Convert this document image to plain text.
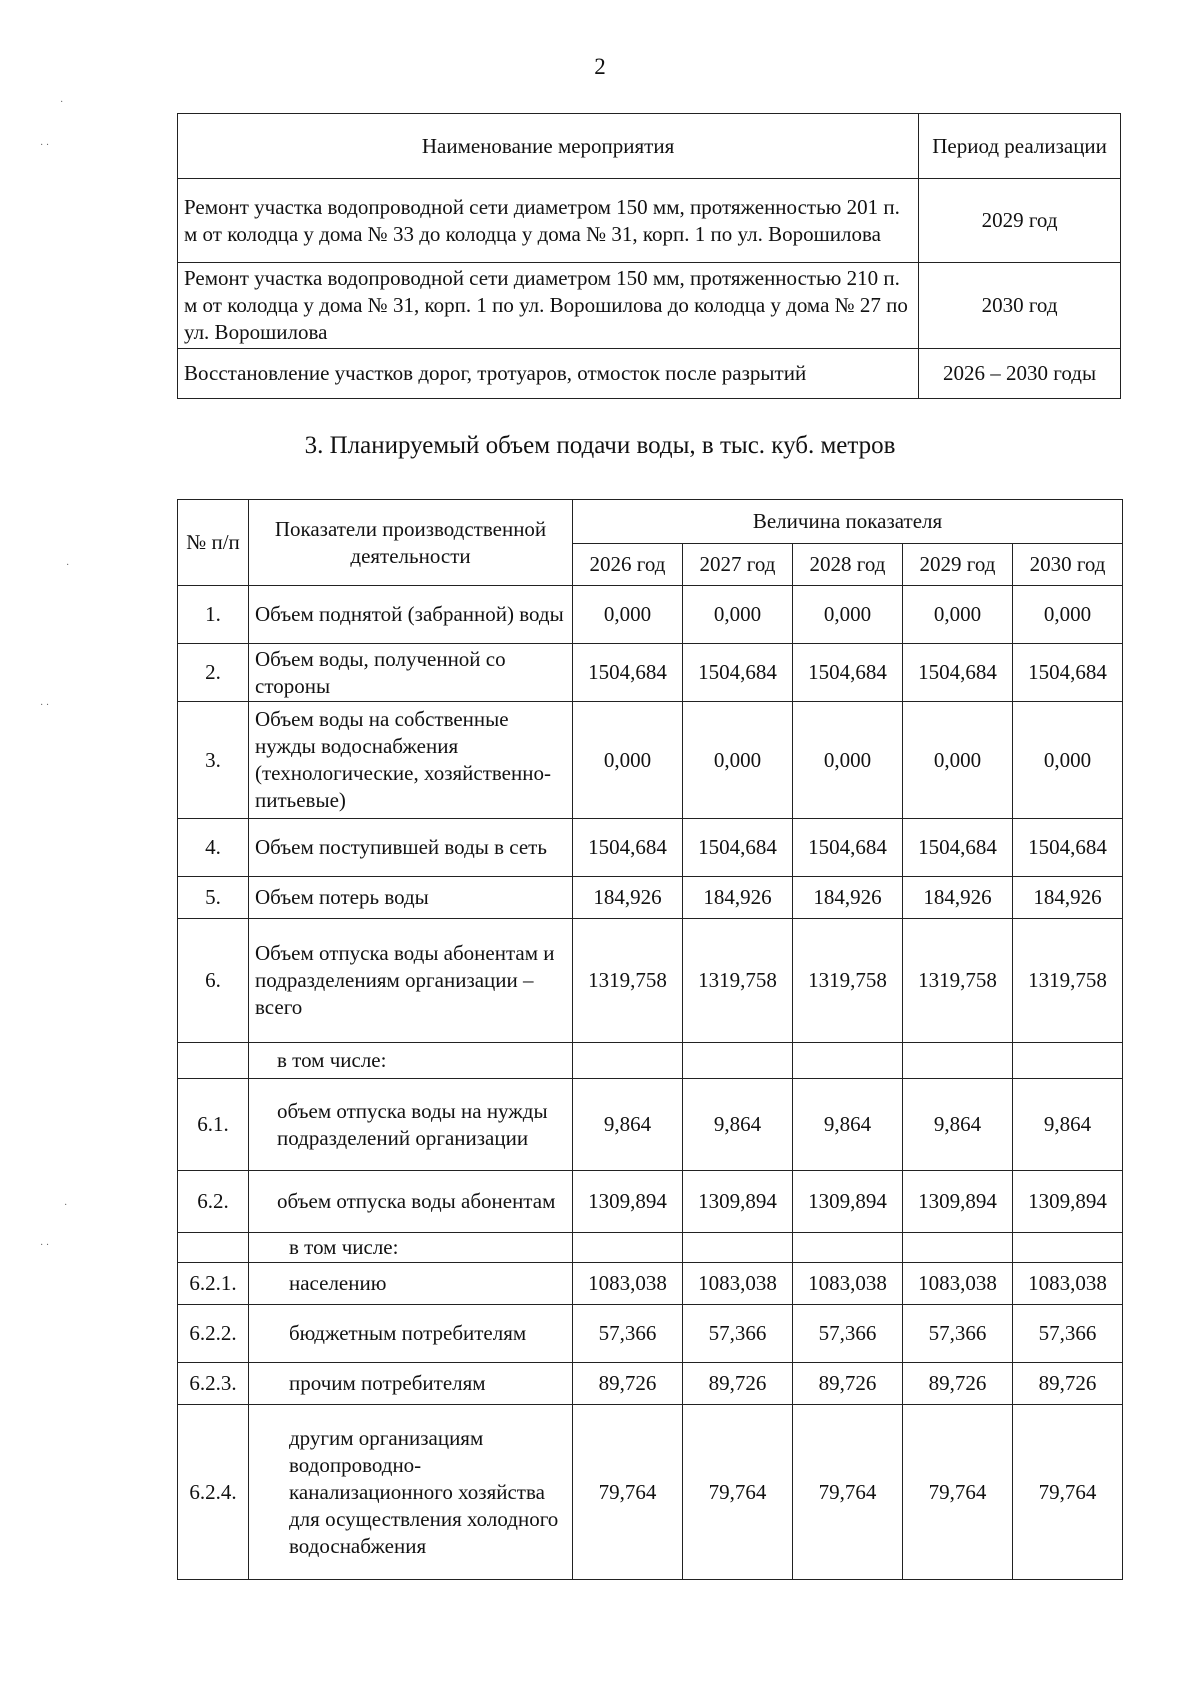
2
Наименование мероприятия	Период реализации
Ремонт участка водопроводной сети диаметром 150 мм, протяженностью 201 п. м от колодца у дома № 33 до колодца у дома № 31, корп. 1 по ул. Ворошилова	2029 год
Ремонт участка водопроводной сети диаметром 150 мм, протяженностью 210 п. м от колодца у дома № 31, корп. 1 по ул. Ворошилова до колодца у дома № 27 по ул. Ворошилова	2030 год
Восстановление участков дорог, тротуаров, отмосток после разрытий	2026 – 2030 годы
3. Планируемый объем подачи воды, в тыс. куб. метров
№ п/п	Показатели производственной деятельности	Величина показателя				
		2026 год	2027 год	2028 год	2029 год	2030 год
1.	Объем поднятой (забранной) воды	0,000	0,000	0,000	0,000	0,000
2.	Объем воды, полученной со стороны	1504,684	1504,684	1504,684	1504,684	1504,684
3.	Объем воды на собственные нужды водоснабжения (технологические, хозяйственно-питьевые)	0,000	0,000	0,000	0,000	0,000
4.	Объем поступившей воды в сеть	1504,684	1504,684	1504,684	1504,684	1504,684
5.	Объем потерь воды	184,926	184,926	184,926	184,926	184,926
6.	Объем отпуска воды абонентам и подразделениям организации – всего	1319,758	1319,758	1319,758	1319,758	1319,758
	в том числе:					
6.1.	объем отпуска воды на нужды подразделений организации	9,864	9,864	9,864	9,864	9,864
6.2.	объем отпуска воды абонентам	1309,894	1309,894	1309,894	1309,894	1309,894
	в том числе:					
6.2.1.	населению	1083,038	1083,038	1083,038	1083,038	1083,038
6.2.2.	бюджетным потребителям	57,366	57,366	57,366	57,366	57,366
6.2.3.	прочим потребителям	89,726	89,726	89,726	89,726	89,726
6.2.4.	другим организациям водопроводно-канализационного хозяйства для осуществления холодного водоснабжения	79,764	79,764	79,764	79,764	79,764
·
· ·
·
· ·
·
· ·
